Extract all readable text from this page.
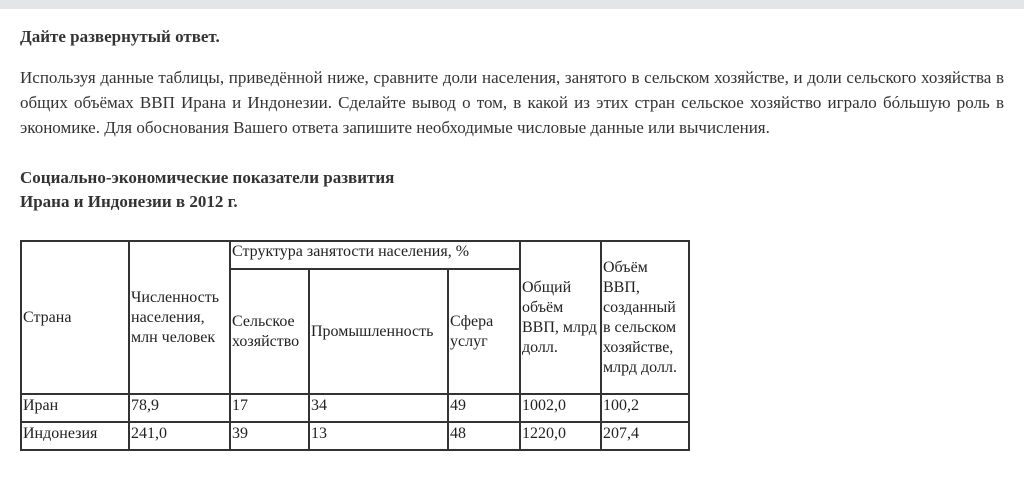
Дайте развернутый ответ.
Используя данные таблицы, приведённой ниже, сравните доли населения, занятого в сельском хозяйстве, и доли сельского хозяйства в общих объёмах ВВП Ирана и Индонезии. Сделайте вывод о том, в какой из этих стран сельское хозяйство играло бóльшую роль в экономике. Для обоснования Вашего ответа запишите необходимые числовые данные или вычисления.
Социально-экономические показатели развития
Ирана и Индонезии в 2012 г.
Страна	Численность населения, млн человек	Структура занятости населения, %			Общий объём ВВП, млрд долл.	Объём ВВП, созданный в сельском хозяйстве, млрд долл.
		Сельское хозяйство	Промышленность	Сфера услуг		
Иран	78,9	17	34	49	1002,0	100,2
Индонезия	241,0	39	13	48	1220,0	207,4
